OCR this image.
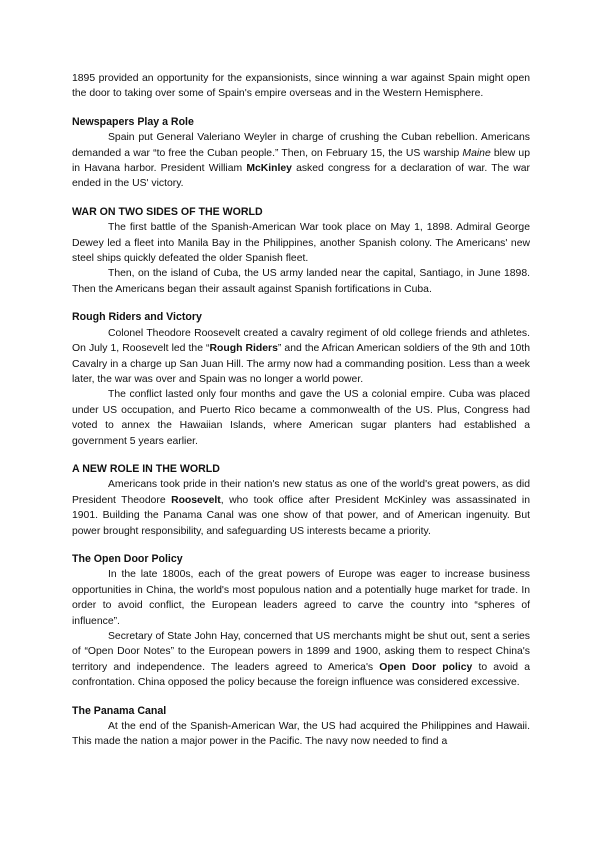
1895 provided an opportunity for the expansionists, since winning a war against Spain might open the door to taking over some of Spain's empire overseas and in the Western Hemisphere.

Newspapers Play a Role

Spain put General Valeriano Weyler in charge of crushing the Cuban rebellion. Americans demanded a war “to free the Cuban people.” Then, on February 15, the US warship Maine blew up in Havana harbor. President William McKinley asked congress for a declaration of war. The war ended in the US' victory.

WAR ON TWO SIDES OF THE WORLD

The first battle of the Spanish-American War took place on May 1, 1898. Admiral George Dewey led a fleet into Manila Bay in the Philippines, another Spanish colony. The Americans' new steel ships quickly defeated the older Spanish fleet.

Then, on the island of Cuba, the US army landed near the capital, Santiago, in June 1898. Then the Americans began their assault against Spanish fortifications in Cuba.

Rough Riders and Victory

Colonel Theodore Roosevelt created a cavalry regiment of old college friends and athletes. On July 1, Roosevelt led the “Rough Riders” and the African American soldiers of the 9th and 10th Cavalry in a charge up San Juan Hill. The army now had a commanding position. Less than a week later, the war was over and Spain was no longer a world power.

The conflict lasted only four months and gave the US a colonial empire. Cuba was placed under US occupation, and Puerto Rico became a commonwealth of the US. Plus, Congress had voted to annex the Hawaiian Islands, where American sugar planters had established a government 5 years earlier.

A NEW ROLE IN THE WORLD

Americans took pride in their nation's new status as one of the world's great powers, as did President Theodore Roosevelt, who took office after President McKinley was assassinated in 1901. Building the Panama Canal was one show of that power, and of American ingenuity. But power brought responsibility, and safeguarding US interests became a priority.

The Open Door Policy

In the late 1800s, each of the great powers of Europe was eager to increase business opportunities in China, the world's most populous nation and a potentially huge market for trade. In order to avoid conflict, the European leaders agreed to carve the country into “spheres of influence”.

Secretary of State John Hay, concerned that US merchants might be shut out, sent a series of “Open Door Notes” to the European powers in 1899 and 1900, asking them to respect China's territory and independence. The leaders agreed to America's Open Door policy to avoid a confrontation. China opposed the policy because the foreign influence was considered excessive.

The Panama Canal

At the end of the Spanish-American War, the US had acquired the Philippines and Hawaii. This made the nation a major power in the Pacific. The navy now needed to find a
